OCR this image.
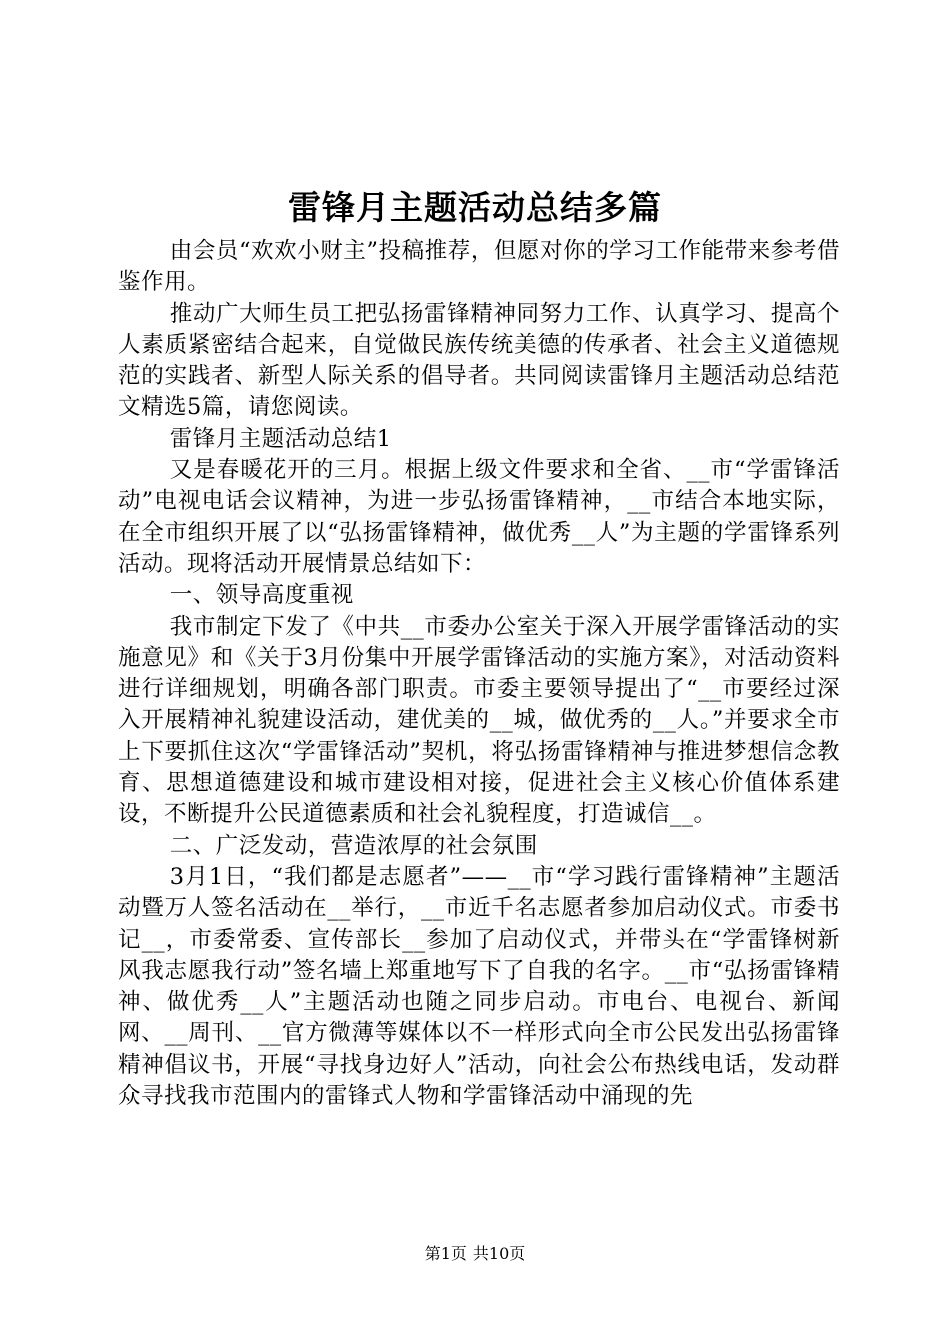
雷锋月主题活动总结多篇

由会员“欢欢小财主”投稿推荐，但愿对你的学习工作能带来参考借鉴作用。

推动广大师生员工把弘扬雷锋精神同努力工作、认真学习、提高个人素质紧密结合起来，自觉做民族传统美德的传承者、社会主义道德规范的实践者、新型人际关系的倡导者。共同阅读雷锋月主题活动总结范文精选5篇，请您阅读。

雷锋月主题活动总结1

又是春暖花开的三月。根据上级文件要求和全省、__市“学雷锋活动”电视电话会议精神，为进一步弘扬雷锋精神，__市结合本地实际，在全市组织开展了以“弘扬雷锋精神，做优秀__人”为主题的学雷锋系列活动。现将活动开展情景总结如下：

一、领导高度重视

我市制定下发了《中共__市委办公室关于深入开展学雷锋活动的实施意见》和《关于3月份集中开展学雷锋活动的实施方案》，对活动资料进行详细规划，明确各部门职责。市委主要领导提出了“__市要经过深入开展精神礼貌建设活动，建优美的__城，做优秀的__人。”并要求全市上下要抓住这次“学雷锋活动”契机，将弘扬雷锋精神与推进梦想信念教育、思想道德建设和城市建设相对接，促进社会主义核心价值体系建设，不断提升公民道德素质和社会礼貌程度，打造诚信__。

二、广泛发动，营造浓厚的社会氛围

3月1日，“我们都是志愿者”——__市“学习践行雷锋精神”主题活动暨万人签名活动在__举行，__市近千名志愿者参加启动仪式。市委书记__，市委常委、宣传部长__参加了启动仪式，并带头在“学雷锋树新风我志愿我行动”签名墙上郑重地写下了自我的名字。__市“弘扬雷锋精神、做优秀__人”主题活动也随之同步启动。市电台、电视台、新闻网、__周刊、__官方微薄等媒体以不一样形式向全市公民发出弘扬雷锋精神倡议书，开展“寻找身边好人”活动，向社会公布热线电话，发动群众寻找我市范围内的雷锋式人物和学雷锋活动中涌现的先

第1页 共10页
